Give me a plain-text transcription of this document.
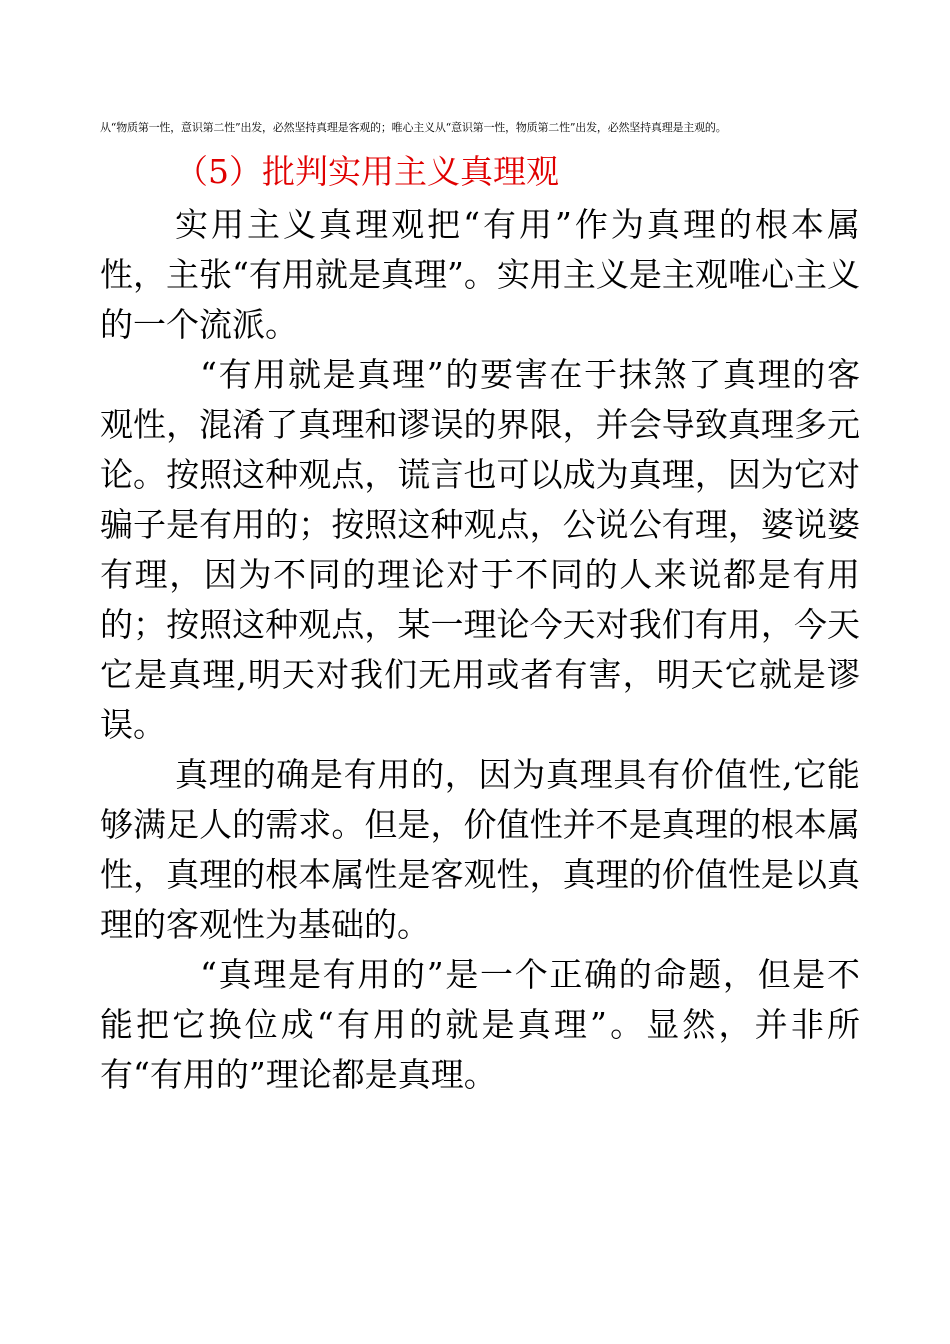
从“物质第一性，意识第二性”出发，必然坚持真理是客观的；唯心主义从“意识第一性，物质第二性”出发，必然坚持真理是主观的。
（5）批判实用主义真理观

实用主义真理观把“有用”作为真理的根本属性，主张“有用就是真理”。实用主义是主观唯心主义的一个流派。

“有用就是真理”的要害在于抹煞了真理的客观性，混淆了真理和谬误的界限，并会导致真理多元论。按照这种观点，谎言也可以成为真理，因为它对骗子是有用的；按照这种观点，公说公有理，婆说婆有理，因为不同的理论对于不同的人来说都是有用的；按照这种观点，某一理论今天对我们有用，今天它是真理,明天对我们无用或者有害，明天它就是谬误。

真理的确是有用的，因为真理具有价值性,它能够满足人的需求。但是，价值性并不是真理的根本属性，真理的根本属性是客观性，真理的价值性是以真理的客观性为基础的。

“真理是有用的”是一个正确的命题，但是不能把它换位成“有用的就是真理”。显然，并非所有“有用的”理论都是真理。
